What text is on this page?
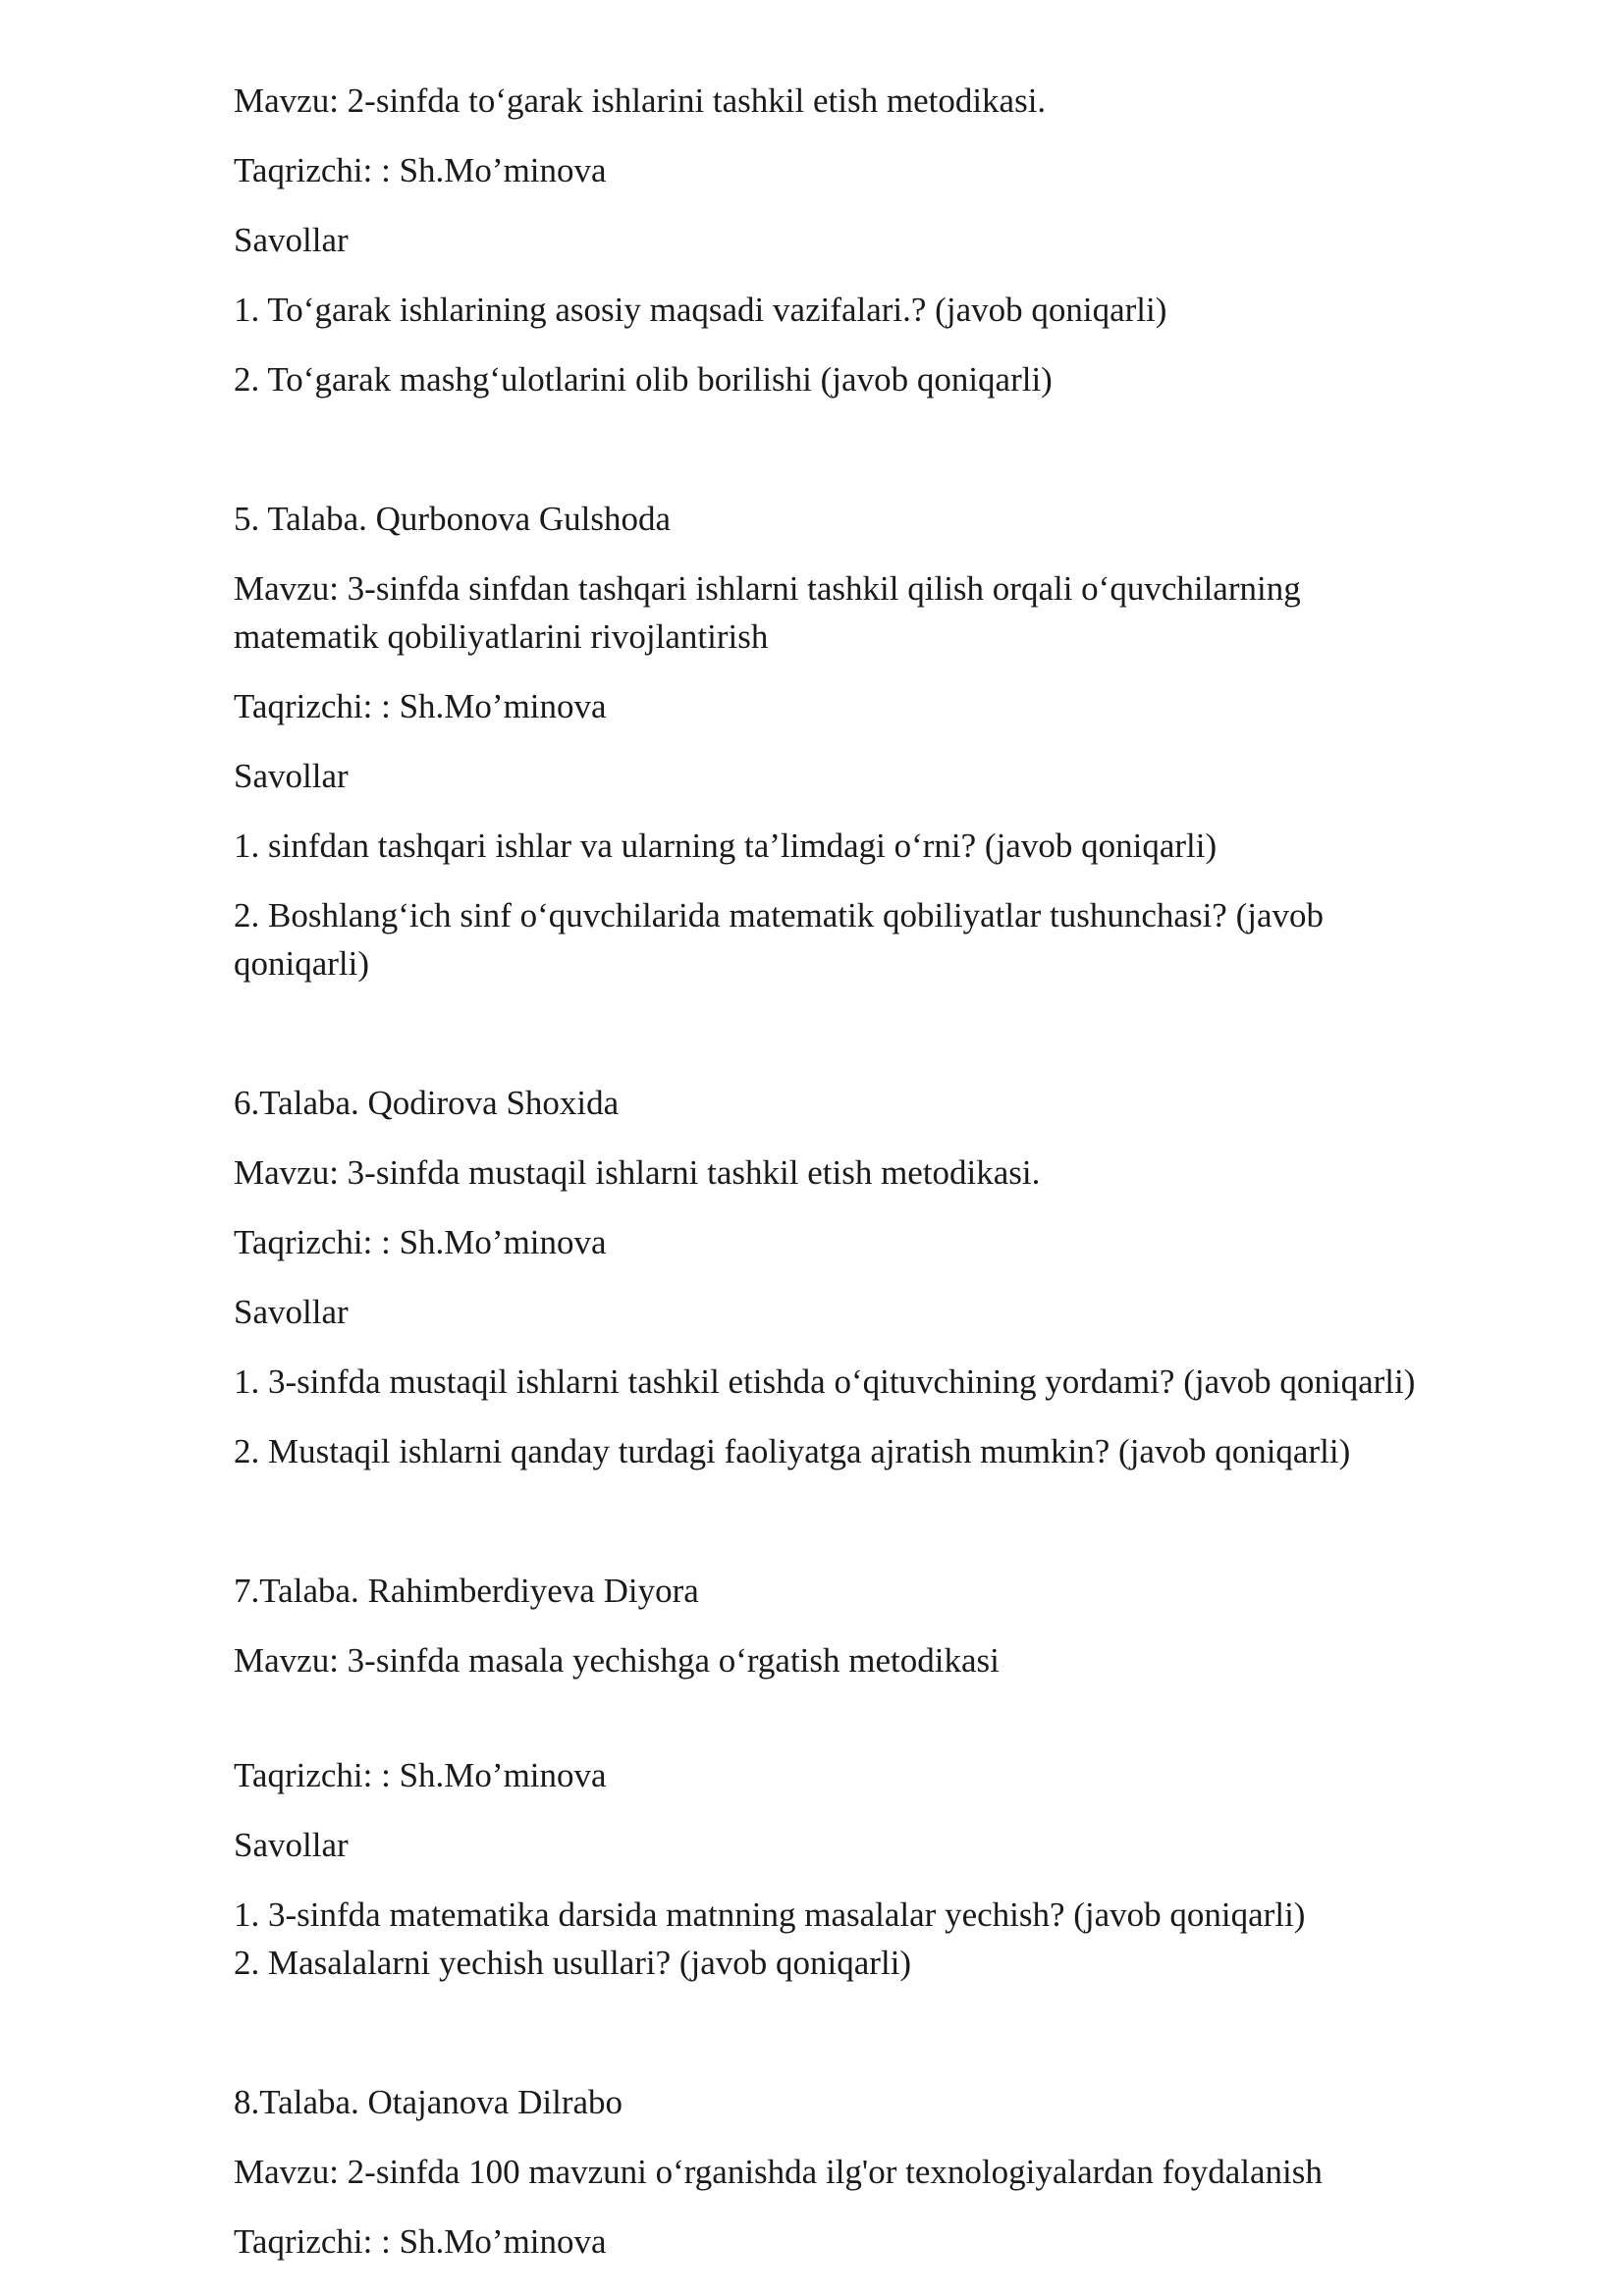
Mavzu: 2-sinfda to‘garak ishlarini tashkil etish metodikasi.

Taqrizchi: : Sh.Mo’minova

Savollar

1. To‘garak ishlarining asosiy maqsadi vazifalari.? (javob qoniqarli)

2. To‘garak mashg‘ulotlarini olib borilishi (javob qoniqarli)

5. Talaba. Qurbonova Gulshoda

Mavzu: 3-sinfda sinfdan tashqari ishlarni tashkil qilish orqali o‘quvchilarning

matematik qobiliyatlarini rivojlantirish

Taqrizchi: : Sh.Mo’minova

Savollar

1. sinfdan tashqari ishlar va ularning ta’limdagi o‘rni? (javob qoniqarli)

2. Boshlang‘ich sinf o‘quvchilarida matematik qobiliyatlar tushunchasi? (javob

qoniqarli)

6.Talaba. Qodirova Shoxida

Mavzu: 3-sinfda mustaqil ishlarni tashkil etish metodikasi.

Taqrizchi: : Sh.Mo’minova

Savollar

1. 3-sinfda mustaqil ishlarni tashkil etishda o‘qituvchining yordami? (javob qoniqarli)

2. Mustaqil ishlarni qanday turdagi faoliyatga ajratish mumkin? (javob qoniqarli)

7.Talaba. Rahimberdiyeva Diyora

Mavzu: 3-sinfda masala yechishga o‘rgatish metodikasi

Taqrizchi: : Sh.Mo’minova

Savollar

1. 3-sinfda matematika darsida matnning masalalar yechish? (javob qoniqarli)

2. Masalalarni yechish usullari? (javob qoniqarli)

8.Talaba. Otajanova Dilrabo

Mavzu: 2-sinfda 100 mavzuni o‘rganishda ilg'or texnologiyalardan foydalanish

Taqrizchi: : Sh.Mo’minova
